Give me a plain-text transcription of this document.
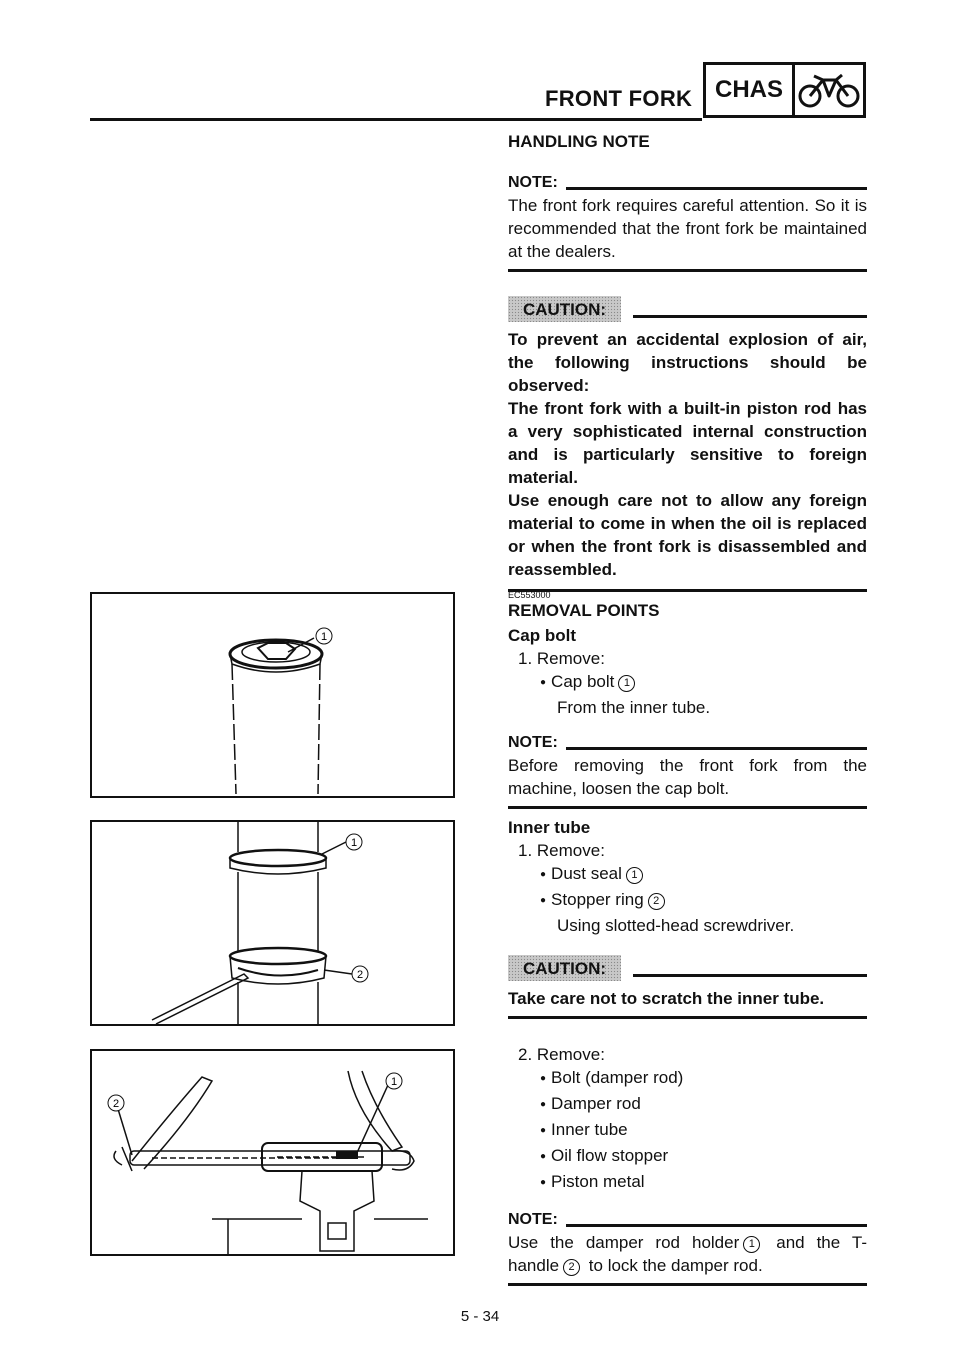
FRONT FORK CHAS
HANDLING NOTE
NOTE:
The front fork requires careful attention. So it is recommended that the front fork be maintained at the dealers.
CAUTION:
To prevent an accidental explosion of air, the following instructions should be observed:
The front fork with a built-in piston rod has a very sophisticated internal construction and is particularly sensitive to foreign material.
Use enough care not to allow any foreign material to come in when the oil is replaced or when the front fork is disassembled and reassembled.
EC553000
REMOVAL POINTS
Cap bolt
1. Remove:
● Cap bolt 1
From the inner tube.
NOTE:
Before removing the front fork from the machine, loosen the cap bolt.
Inner tube
1. Remove:
● Dust seal 1
● Stopper ring 2
Using slotted-head screwdriver.
CAUTION:
Take care not to scratch the inner tube.
2. Remove:
● Bolt (damper rod)
● Damper rod
● Inner tube
● Oil flow stopper
● Piston metal
NOTE:
Use the damper rod holder 1 and the T-handle 2 to lock the damper rod.
1
1
2
1
2
5 - 34
